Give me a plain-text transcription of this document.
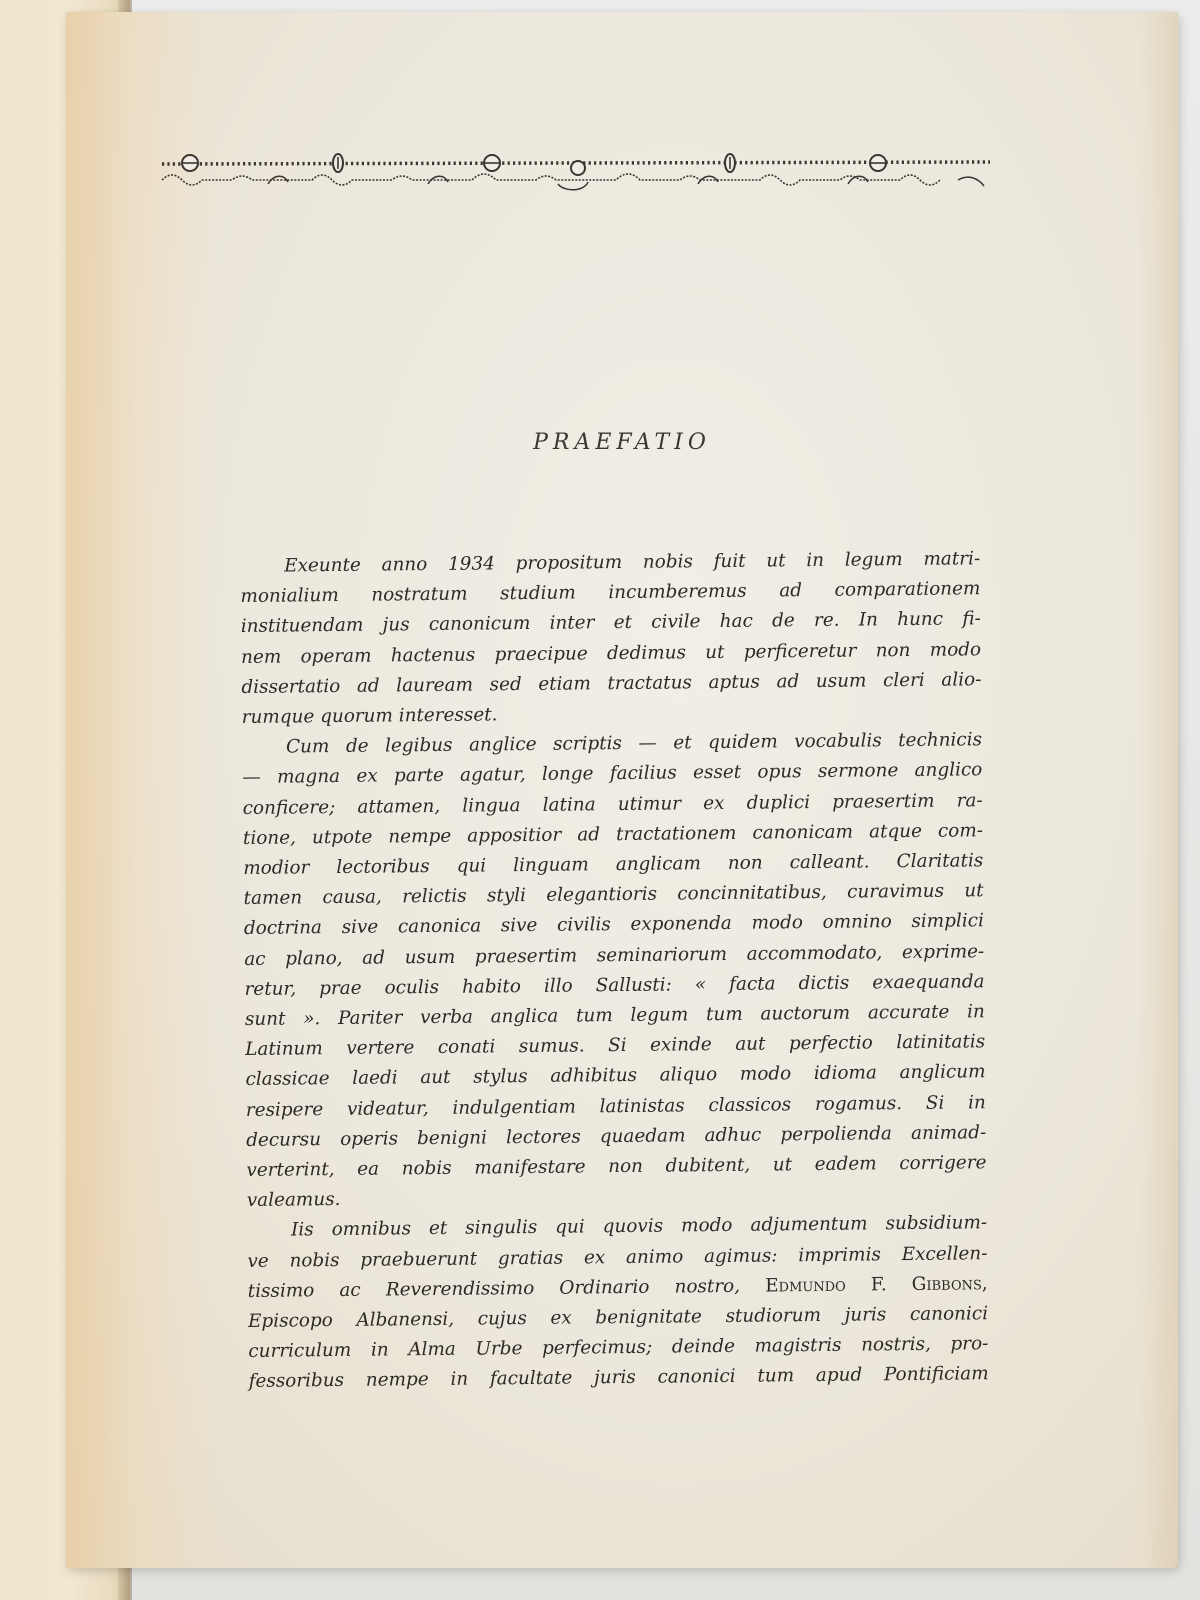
PRAEFATIO
Exeunte anno 1934 propositum nobis fuit ut in legum matri-
monialium nostratum studium incumberemus ad comparationem
instituendam jus canonicum inter et civile hac de re. In hunc fi-
nem operam hactenus praecipue dedimus ut perficeretur non modo
dissertatio ad lauream sed etiam tractatus aptus ad usum cleri alio-
rumque quorum interesset.
Cum de legibus anglice scriptis — et quidem vocabulis technicis
— magna ex parte agatur, longe facilius esset opus sermone anglico
conficere; attamen, lingua latina utimur ex duplici praesertim ra-
tione, utpote nempe appositior ad tractationem canonicam atque com-
modior lectoribus qui linguam anglicam non calleant. Claritatis
tamen causa, relictis styli elegantioris concinnitatibus, curavimus ut
doctrina sive canonica sive civilis exponenda modo omnino simplici
ac plano, ad usum praesertim seminariorum accommodato, exprime-
retur, prae oculis habito illo Sallusti: « facta dictis exaequanda
sunt ». Pariter verba anglica tum legum tum auctorum accurate in
Latinum vertere conati sumus. Si exinde aut perfectio latinitatis
classicae laedi aut stylus adhibitus aliquo modo idioma anglicum
resipere videatur, indulgentiam latinistas classicos rogamus. Si in
decursu operis benigni lectores quaedam adhuc perpolienda animad-
verterint, ea nobis manifestare non dubitent, ut eadem corrigere
valeamus.
Iis omnibus et singulis qui quovis modo adjumentum subsidium-
ve nobis praebuerunt gratias ex animo agimus: imprimis Excellen-
tissimo ac Reverendissimo Ordinario nostro, Edmundo F. Gibbons,
Episcopo Albanensi, cujus ex benignitate studiorum juris canonici
curriculum in Alma Urbe perfecimus; deinde magistris nostris, pro-
fessoribus nempe in facultate juris canonici tum apud Pontificiam
